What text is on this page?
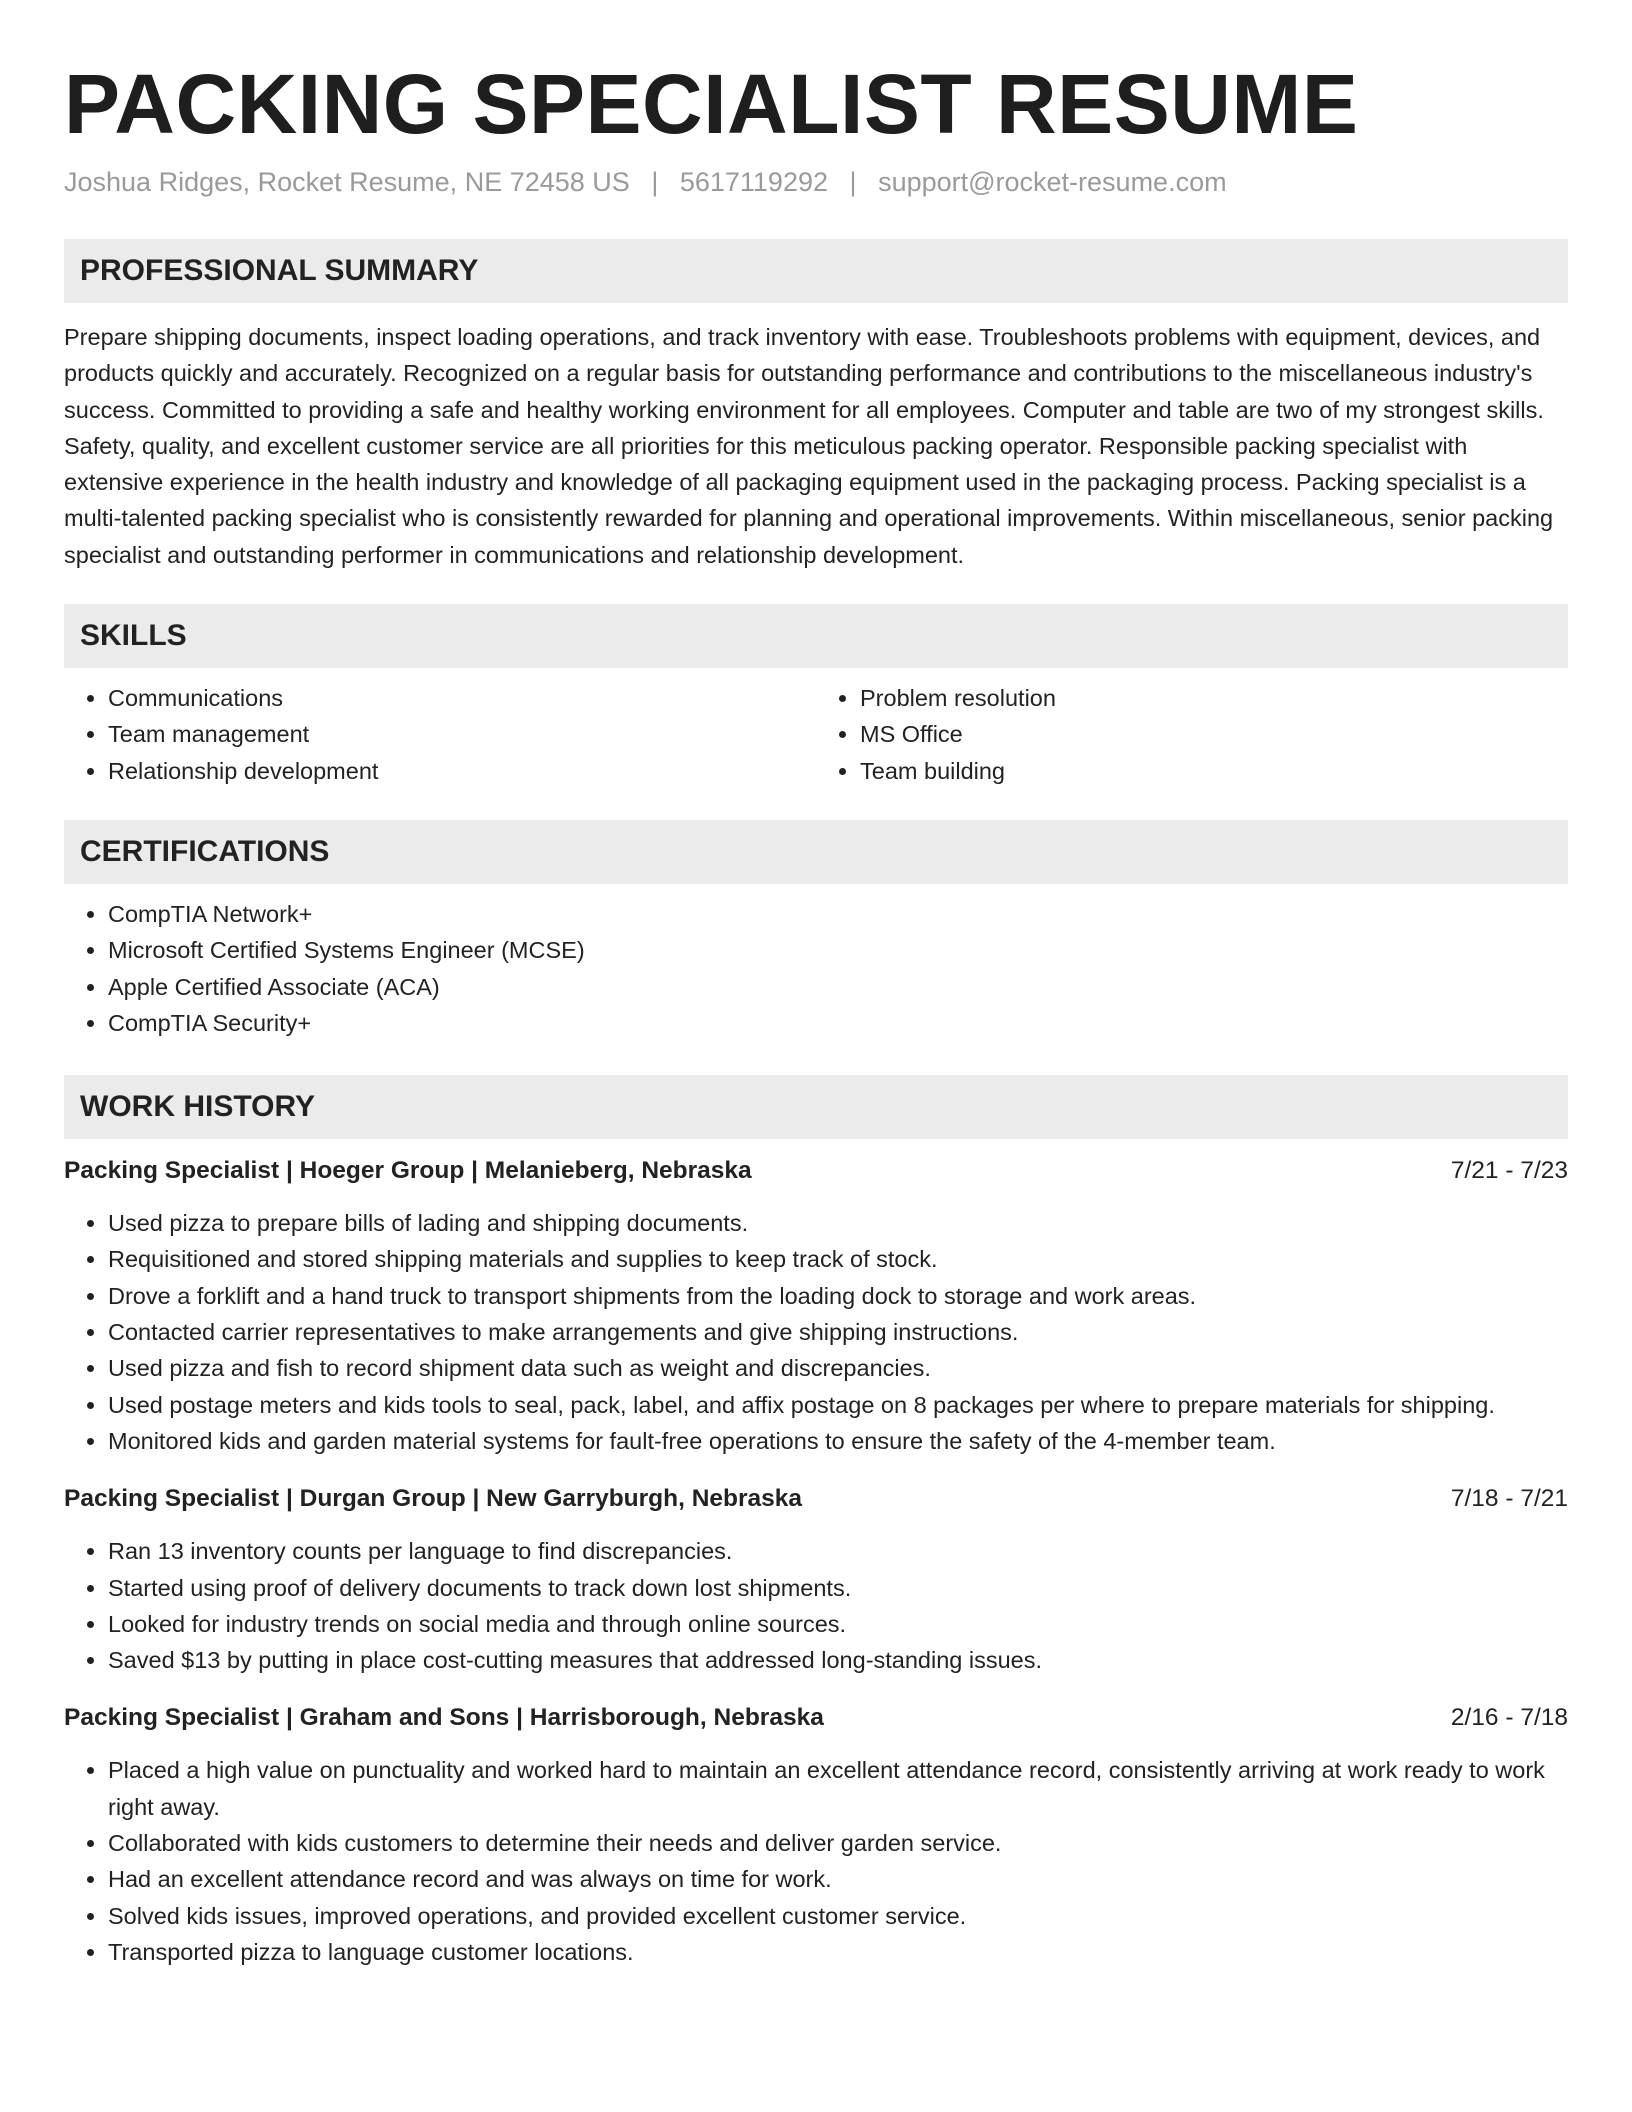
PACKING SPECIALIST RESUME
Joshua Ridges, Rocket Resume, NE 72458 US | 5617119292 | support@rocket-resume.com
PROFESSIONAL SUMMARY

Prepare shipping documents, inspect loading operations, and track inventory with ease. Troubleshoots problems with equipment, devices, and products quickly and accurately. Recognized on a regular basis for outstanding performance and contributions to the miscellaneous industry's success. Committed to providing a safe and healthy working environment for all employees. Computer and table are two of my strongest skills. Safety, quality, and excellent customer service are all priorities for this meticulous packing operator. Responsible packing specialist with extensive experience in the health industry and knowledge of all packaging equipment used in the packaging process. Packing specialist is a multi-talented packing specialist who is consistently rewarded for planning and operational improvements. Within miscellaneous, senior packing specialist and outstanding performer in communications and relationship development.

SKILLS
• Communications
• Team management
• Relationship development
• Problem resolution
• MS Office
• Team building
CERTIFICATIONS
• CompTIA Network+
• Microsoft Certified Systems Engineer (MCSE)
• Apple Certified Associate (ACA)
• CompTIA Security+
WORK HISTORY
Packing Specialist | Hoeger Group | Melanieberg, Nebraska	7/21 - 7/23
• Used pizza to prepare bills of lading and shipping documents.
• Requisitioned and stored shipping materials and supplies to keep track of stock.
• Drove a forklift and a hand truck to transport shipments from the loading dock to storage and work areas.
• Contacted carrier representatives to make arrangements and give shipping instructions.
• Used pizza and fish to record shipment data such as weight and discrepancies.
• Used postage meters and kids tools to seal, pack, label, and affix postage on 8 packages per where to prepare materials for shipping.
• Monitored kids and garden material systems for fault-free operations to ensure the safety of the 4-member team.
Packing Specialist | Durgan Group | New Garryburgh, Nebraska	7/18 - 7/21
• Ran 13 inventory counts per language to find discrepancies.
• Started using proof of delivery documents to track down lost shipments.
• Looked for industry trends on social media and through online sources.
• Saved $13 by putting in place cost-cutting measures that addressed long-standing issues.
Packing Specialist | Graham and Sons | Harrisborough, Nebraska	2/16 - 7/18
• Placed a high value on punctuality and worked hard to maintain an excellent attendance record, consistently arriving at work ready to work right away.
• Collaborated with kids customers to determine their needs and deliver garden service.
• Had an excellent attendance record and was always on time for work.
• Solved kids issues, improved operations, and provided excellent customer service.
• Transported pizza to language customer locations.
